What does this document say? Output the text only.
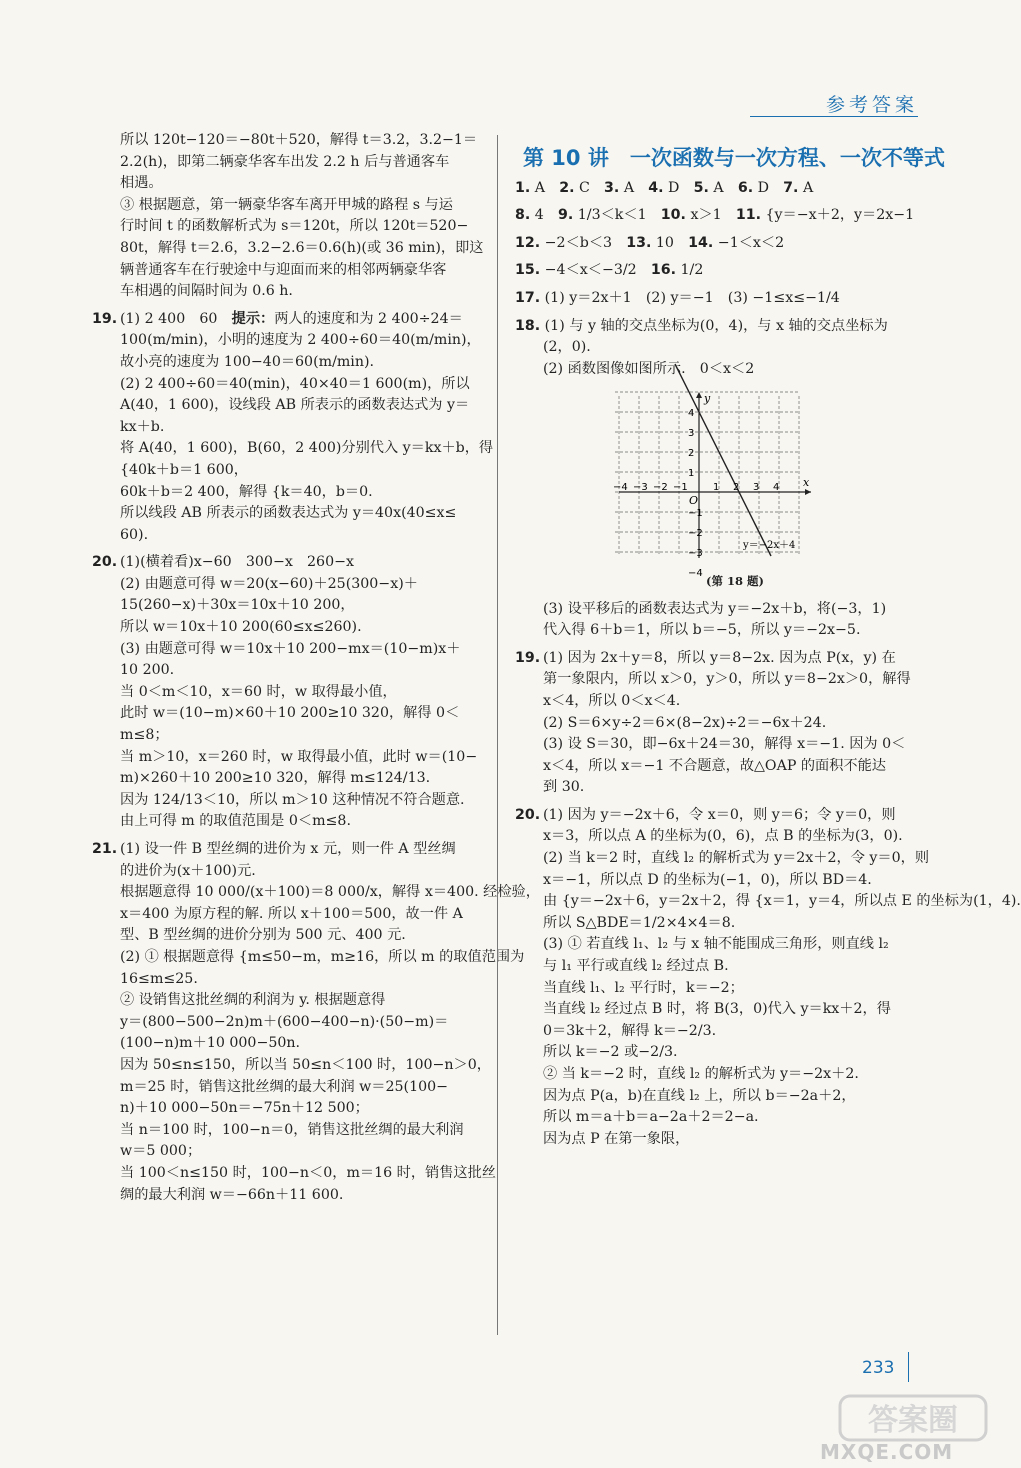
参考答案

所以 120t−120＝−80t＋520，解得 t＝3.2，3.2−1＝

2.2(h)，即第二辆豪华客车出发 2.2 h 后与普通客车

相遇。

③ 根据题意，第一辆豪华客车离开甲城的路程 s 与运

行时间 t 的函数解析式为 s＝120t，所以 120t＝520−

80t，解得 t＝2.6，3.2−2.6＝0.6(h)(或 36 min)，即这

辆普通客车在行驶途中与迎面而来的相邻两辆豪华客

车相遇的间隔时间为 0.6 h.

19. (1) 2 400　60　提示：两人的速度和为 2 400÷24＝

100(m/min)，小明的速度为 2 400÷60＝40(m/min)，

故小亮的速度为 100−40＝60(m/min).

(2) 2 400÷60＝40(min)，40×40＝1 600(m)，所以

A(40，1 600)，设线段 AB 所表示的函数表达式为 y＝

kx＋b.

将 A(40，1 600)，B(60，2 400)分别代入 y＝kx＋b，得

{40k＋b＝1 600，

60k＋b＝2 400，解得 {k＝40，b＝0.

所以线段 AB 所表示的函数表达式为 y＝40x(40≤x≤

60).

20. (1)(横着看)x−60　300−x　260−x

(2) 由题意可得 w＝20(x−60)＋25(300−x)＋

15(260−x)＋30x＝10x＋10 200，

所以 w＝10x＋10 200(60≤x≤260).

(3) 由题意可得 w＝10x＋10 200−mx＝(10−m)x＋

10 200.

当 0＜m＜10，x＝60 时，w 取得最小值，

此时 w＝(10−m)×60＋10 200≥10 320，解得 0＜

m≤8；

当 m＞10，x＝260 时，w 取得最小值，此时 w＝(10−

m)×260＋10 200≥10 320，解得 m≤124/13.

因为 124/13＜10，所以 m＞10 这种情况不符合题意.

由上可得 m 的取值范围是 0＜m≤8.

21. (1) 设一件 B 型丝绸的进价为 x 元，则一件 A 型丝绸

的进价为(x＋100)元.

根据题意得 10 000/(x＋100)＝8 000/x，解得 x＝400. 经检验，

x＝400 为原方程的解. 所以 x＋100＝500，故一件 A

型、B 型丝绸的进价分别为 500 元、400 元.

(2) ① 根据题意得 {m≤50−m，m≥16，所以 m 的取值范围为

16≤m≤25.

② 设销售这批丝绸的利润为 y. 根据题意得

y＝(800−500−2n)m＋(600−400−n)·(50−m)＝

(100−n)m＋10 000−50n.

因为 50≤n≤150，所以当 50≤n＜100 时，100−n＞0，

m＝25 时，销售这批丝绸的最大利润 w＝25(100−

n)＋10 000−50n＝−75n＋12 500；

当 n＝100 时，100−n＝0，销售这批丝绸的最大利润

w＝5 000；

当 100＜n≤150 时，100−n＜0，m＝16 时，销售这批丝

绸的最大利润 w＝−66n＋11 600.

第 10 讲　一次函数与一次方程、一次不等式

1. A　2. C　3. A　4. D　5. A　6. D　7. A

8. 4　9. 1/3＜k＜1　10. x＞1　11. {y＝−x＋2，y＝2x−1

12. −2＜b＜3　13. 10　14. −1＜x＜2

15. −4＜x＜−3/2　16. 1/2

17. (1) y＝2x＋1　(2) y＝−1　(3) −1≤x≤−1/4

18. (1) 与 y 轴的交点坐标为(0，4)，与 x 轴的交点坐标为

(2，0).

(2) 函数图像如图所示.　0＜x＜2

−4 −3 −2 −1	1 2 3 4
4
3
2
1
−1
−2
−3
−4
x
y
O
y＝−2x＋4
(第 18 题)

(3) 设平移后的函数表达式为 y＝−2x＋b，将(−3，1)

代入得 6＋b＝1，所以 b＝−5，所以 y＝−2x−5.

19. (1) 因为 2x＋y＝8，所以 y＝8−2x. 因为点 P(x，y) 在

第一象限内，所以 x＞0，y＞0，所以 y＝8−2x＞0，解得

x＜4，所以 0＜x＜4.

(2) S＝6×y÷2＝6×(8−2x)÷2＝−6x＋24.

(3) 设 S＝30，即−6x＋24＝30，解得 x＝−1. 因为 0＜

x＜4，所以 x＝−1 不合题意，故△OAP 的面积不能达

到 30.

20. (1) 因为 y＝−2x＋6，令 x＝0，则 y＝6；令 y＝0，则

x＝3，所以点 A 的坐标为(0，6)，点 B 的坐标为(3，0).

(2) 当 k＝2 时，直线 l₂ 的解析式为 y＝2x＋2，令 y＝0，则

x＝−1，所以点 D 的坐标为(−1，0)，所以 BD＝4.

由 {y＝−2x＋6，y＝2x＋2，得 {x＝1，y＝4，所以点 E 的坐标为(1，4).

所以 S△BDE＝1/2×4×4＝8.

(3) ① 若直线 l₁、l₂ 与 x 轴不能围成三角形，则直线 l₂

与 l₁ 平行或直线 l₂ 经过点 B.

当直线 l₁、l₂ 平行时，k＝−2；

当直线 l₂ 经过点 B 时，将 B(3，0)代入 y＝kx＋2，得

0＝3k＋2，解得 k＝−2/3.

所以 k＝−2 或−2/3.

② 当 k＝−2 时，直线 l₂ 的解析式为 y＝−2x＋2.

因为点 P(a，b)在直线 l₂ 上，所以 b＝−2a＋2，

所以 m＝a＋b＝a−2a＋2＝2−a.

因为点 P 在第一象限，

233
答案圈
MXQE.COM
